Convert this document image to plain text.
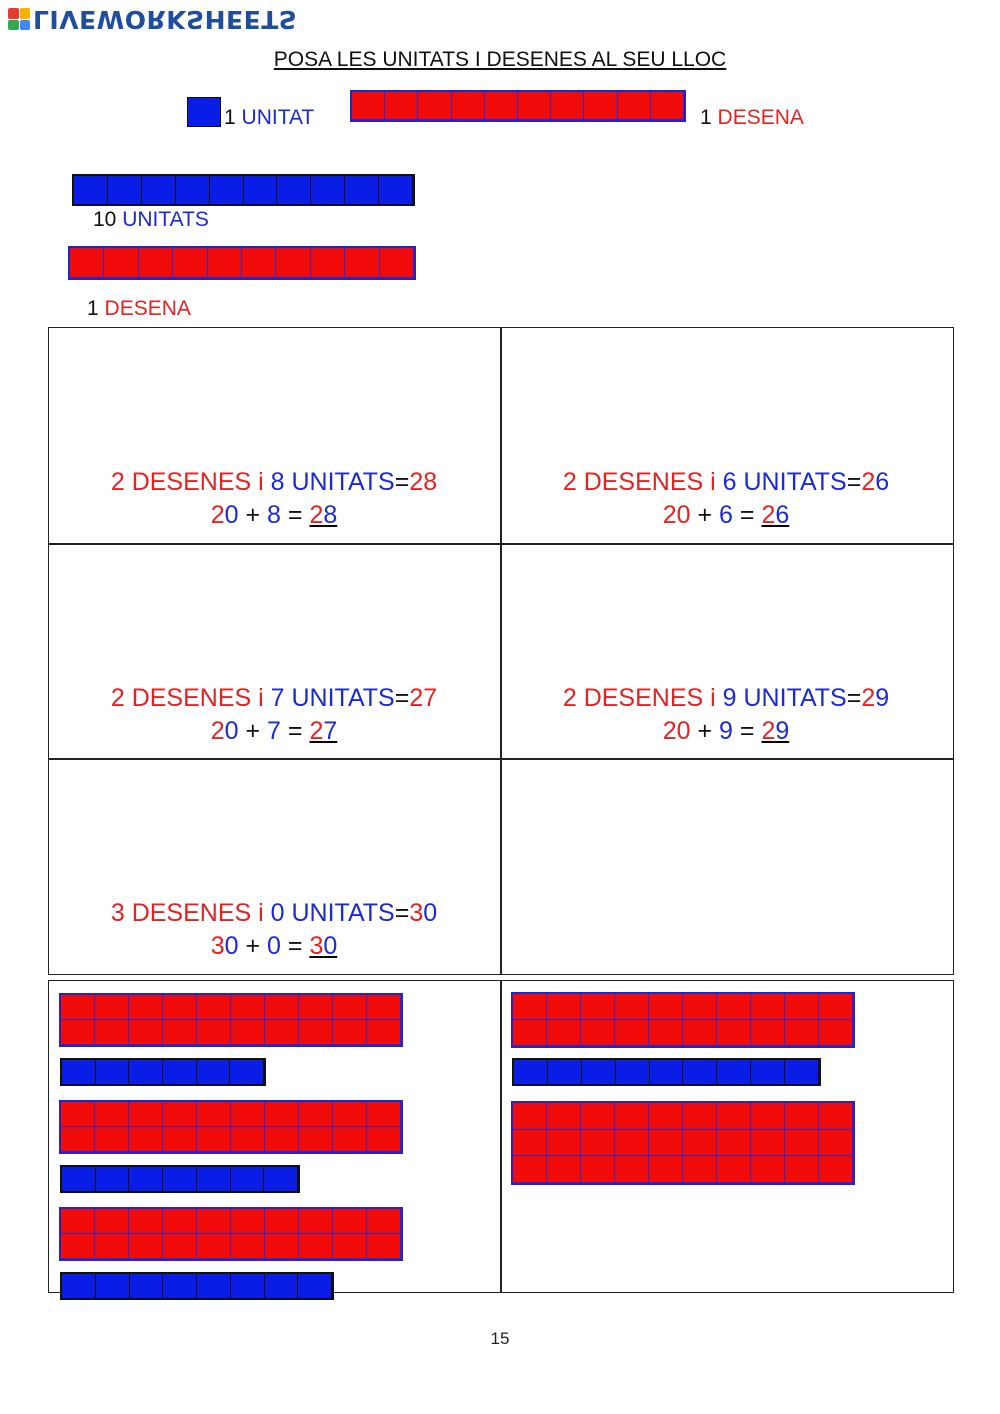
LIVEWORKSHEETS
POSA LES UNITATS I DESENES AL SEU LLOC
1 UNITAT	1 DESENA
10 UNITATS
1 DESENA
2 DESENES i 8 UNITATS=28
20 + 8 = 28
2 DESENES i 6 UNITATS=26
20 + 6 = 26
2 DESENES i 7 UNITATS=27
20 + 7 = 27
2 DESENES i 9 UNITATS=29
20 + 9 = 29
3 DESENES i 0 UNITATS=30
30 + 0 = 30
15
